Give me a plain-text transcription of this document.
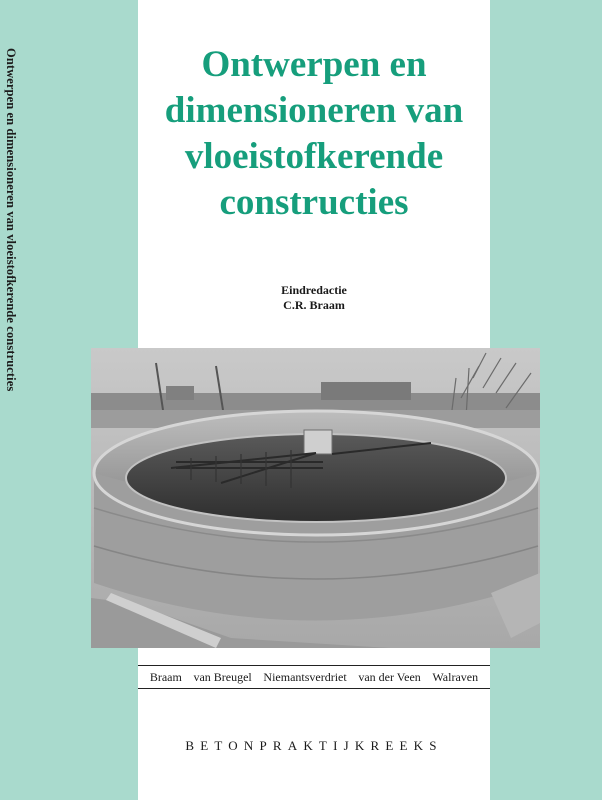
Ontwerpen en dimensioneren van vloeistofkerende constructies	Ontwerpen en
dimensioneren van
vloeistofkerende
constructies
Eindredactie
C.R. Braam
Braam van Breugel Niemantsverdriet van der Veen Walraven
BETONPRAKTIJKREEKS
